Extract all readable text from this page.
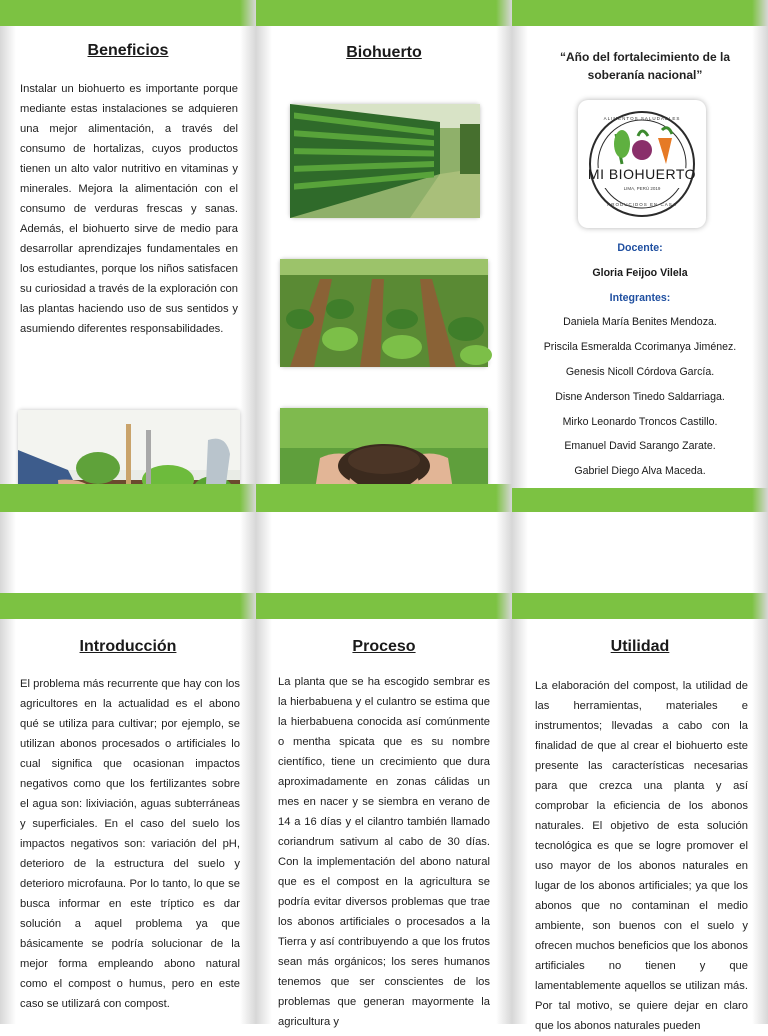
Beneficios

Instalar un biohuerto es importante porque mediante estas instalaciones se adquieren una mejor alimentación, a través del consumo de hortalizas, cuyos productos tienen un alto valor nutritivo en vitaminas y minerales. Mejora la alimentación con el consumo de verduras frescas y sanas. Además, el biohuerto sirve de medio para desarrollar aprendizajes fundamentales en los estudiantes, porque los niños satisfacen su curiosidad a través de la exploración con las plantas haciendo uso de sus sentidos y asumiendo diferentes responsabilidades.

Biohuerto	“Año del fortalecimiento de la soberanía nacional”

MI BIOHUERTO
LIMA, PERÚ 2019
ALIMENTOS SALUDABLES
PRODUCIDOS EN CASA
Docente:
Gloria Feijoo Vilela
Integrantes:
Daniela María Benites Mendoza.
Priscila Esmeralda Ccorimanya Jiménez.
Genesis Nicoll Córdova García.
Disne Anderson Tinedo Saldarriaga.
Mirko Leonardo Troncos Castillo.
Emanuel David Sarango Zarate.
Gabriel Diego Alva Maceda.
Introducción

El problema más recurrente que hay con los agricultores en la actualidad es el abono qué se utiliza para cultivar; por ejemplo, se utilizan abonos procesados o artificiales lo cual significa que ocasionan impactos negativos como que los fertilizantes sobre el agua son: lixiviación, aguas subterráneas y superficiales. En el caso del suelo los impactos negativos son: variación del pH, deterioro de la estructura del suelo y deterioro microfauna. Por lo tanto, lo que se busca informar en este tríptico es dar solución a aquel problema ya que básicamente se podría solucionar de la mejor forma empleando abono natural como el compost o humus, pero en este caso se utilizará con compost.

Proceso

La planta que se ha escogido sembrar es la hierbabuena y el culantro se estima que la hierbabuena conocida así comúnmente o mentha spicata que es su nombre científico, tiene un crecimiento que dura aproximadamente en zonas cálidas un mes en nacer y se siembra en verano de 14 a 16 días y el cilantro también llamado coriandrum sativum al cabo de 30 días. Con la implementación del abono natural que es el compost en la agricultura se podría evitar diversos problemas que trae los abonos artificiales o procesados a la Tierra y así contribuyendo a que los frutos sean más orgánicos; los seres humanos tenemos que ser conscientes de los problemas que generan mayormente la agricultura y

Utilidad

La elaboración del compost, la utilidad de las herramientas, materiales e instrumentos; llevadas a cabo con la finalidad de que al crear el biohuerto este presente las características necesarias para que crezca una planta y así comprobar la eficiencia de los abonos naturales. El objetivo de esta solución tecnológica es que se logre promover el uso mayor de los abonos naturales en lugar de los abonos artificiales; ya que los abonos que no contaminan el medio ambiente, son buenos con el suelo y ofrecen muchos beneficios que los abonos artificiales no tienen y que lamentablemente aquellos se utilizan más. Por tal motivo, se quiere dejar en claro que los abonos naturales pueden
